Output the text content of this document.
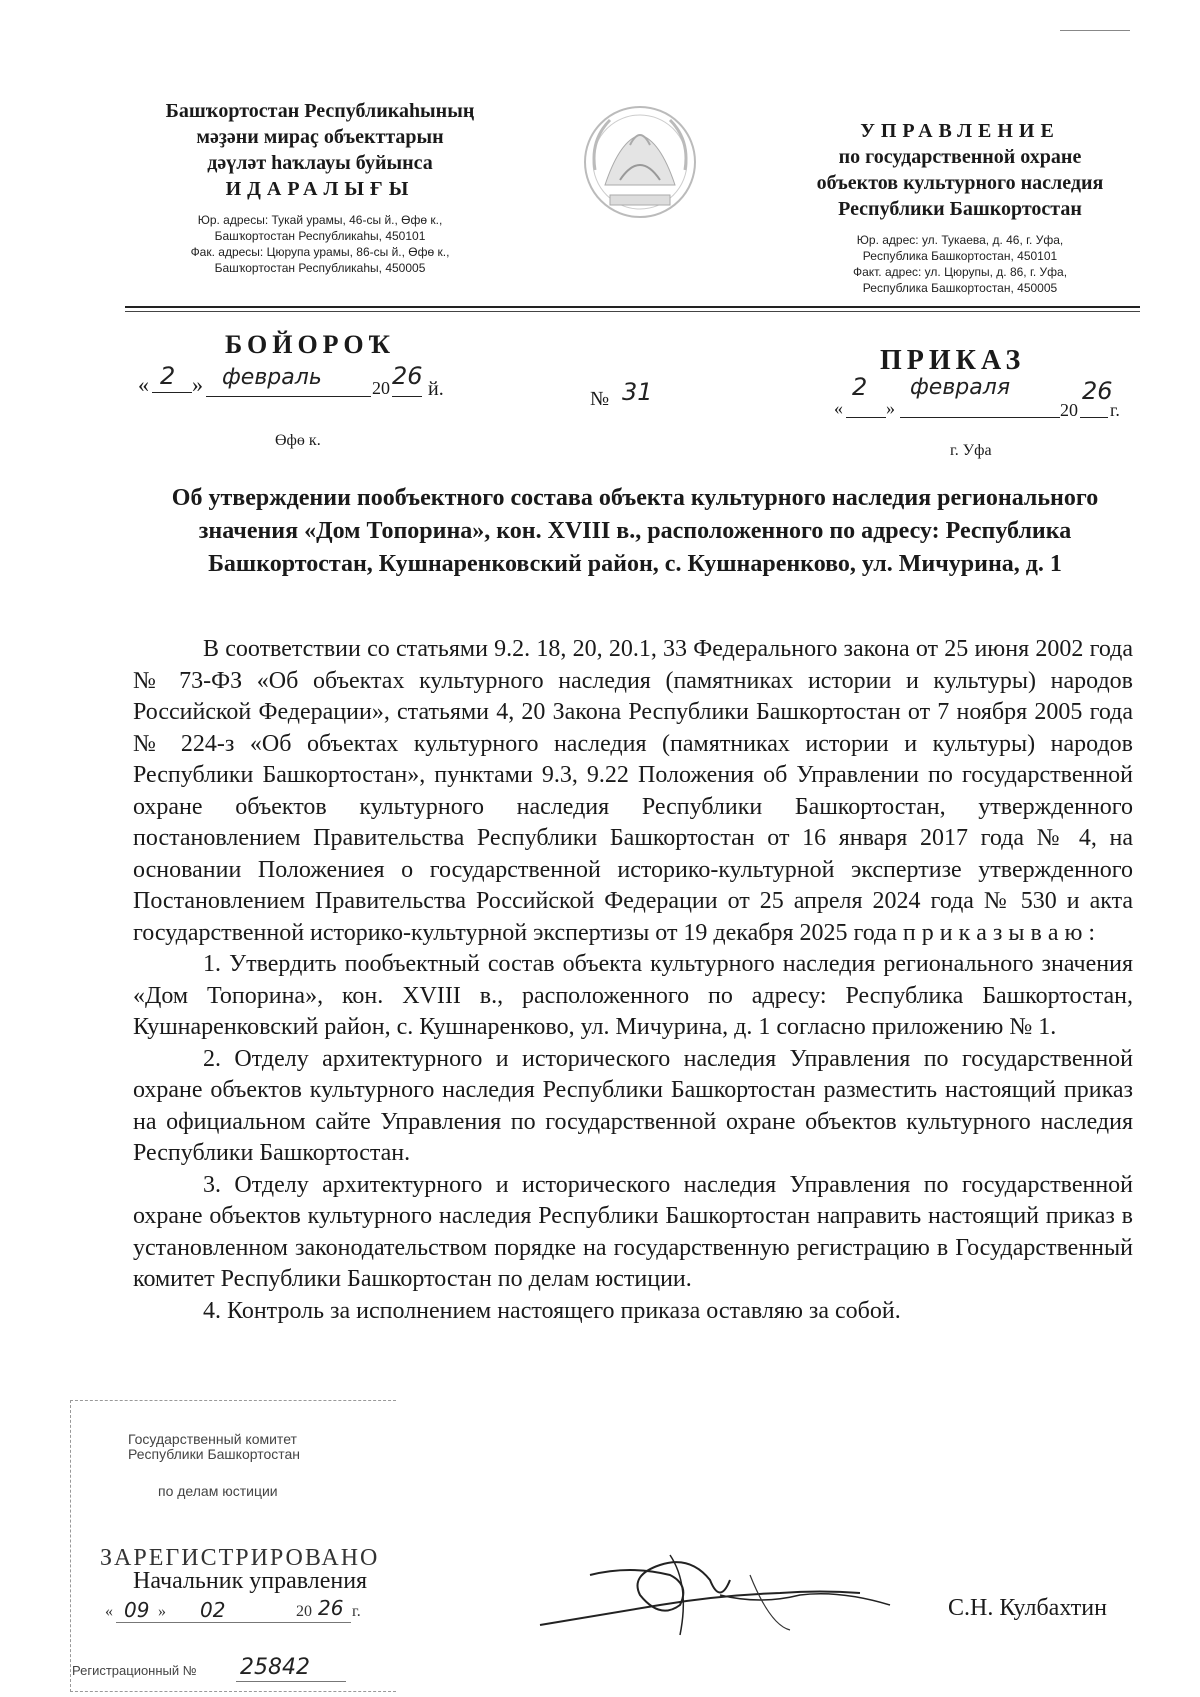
Башҡортостан Республикаһының
мәҙәни мираҫ объекттарын
дәүләт һаҡлауы буйынса
ИДАРАЛЫҒЫ
Юр. адресы: Тукай урамы, 46-сы й., Өфө к.,
Башҡортостан Республикаһы, 450101
Фак. адресы: Цюрупа урамы, 86-сы й., Өфө к.,
Башҡортостан Республикаһы, 450005
УПРАВЛЕНИЕ
по государственной охране
объектов культурного наследия
Республики Башкортостан
Юр. адрес: ул. Тукаева, д. 46, г. Уфа,
Республика Башкортостан, 450101
Факт. адрес: ул. Цюрупы, д. 86, г. Уфа,
Республика Башкортостан, 450005
БОЙОРОҠ
ПРИКАЗ
« 2 » февраль	20 26 й.	№ 31	2
« »
февраля
20
26
г.
Өфө к.
г. Уфа
Об утверждении пообъектного состава объекта культурного наследия регионального значения «Дом Топорина», кон. XVIII в., расположенного по адресу: Республика Башкортостан, Кушнаренковский район, с. Кушнаренково, ул. Мичурина, д. 1

В соответствии со статьями 9.2. 18, 20, 20.1, 33 Федерального закона от 25 июня 2002 года № 73-ФЗ «Об объектах культурного наследия (памятниках истории и культуры) народов Российской Федерации», статьями 4, 20 Закона Республики Башкортостан от 7 ноября 2005 года № 224-з «Об объектах культурного наследия (памятниках истории и культуры) народов Республики Башкортостан», пунктами 9.3, 9.22 Положения об Управлении по государственной охране объектов культурного наследия Республики Башкортостан, утвержденного постановлением Правительства Республики Башкортостан от 16 января 2017 года № 4, на основании Положениея о государственной историко-культурной экспертизе утвержденного Постановлением Правительства Российской Федерации от 25 апреля 2024 года № 530 и акта государственной историко-культурной экспертизы от 19 декабря 2025 года п р и к а з ы в а ю :

1. Утвердить пообъектный состав объекта культурного наследия регионального значения «Дом Топорина», кон. XVIII в., расположенного по адресу: Республика Башкортостан, Кушнаренковский район, с. Кушнаренково, ул. Мичурина, д. 1 согласно приложению № 1.

2. Отделу архитектурного и исторического наследия Управления по государственной охране объектов культурного наследия Республики Башкортостан разместить настоящий приказ на официальном сайте Управления по государственной охране объектов культурного наследия Республики Башкортостан.

3. Отделу архитектурного и исторического наследия Управления по государственной охране объектов культурного наследия Республики Башкортостан направить настоящий приказ в установленном законодательством порядке на государственную регистрацию в Государственный комитет Республики Башкортостан по делам юстиции.

4. Контроль за исполнением настоящего приказа оставляю за собой.

Государственный комитет
Республики Башкортостан
по делам юстиции
ЗАРЕГИСТРИРОВАНО
« 09 » 02	20 26 г.
Регистрационный № 25842
Начальник управления
С.Н. Кулбахтин
